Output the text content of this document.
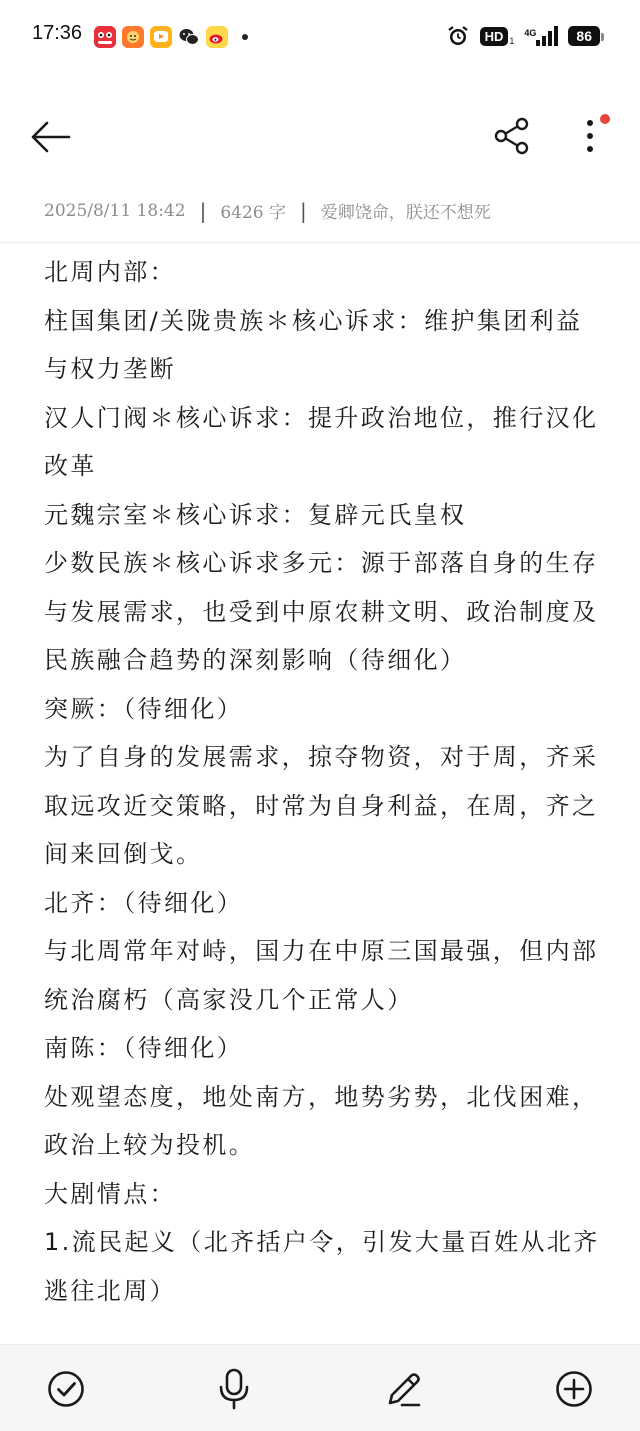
17:36	HD 1
4G	86
2025/8/11 18:42 | 6426 字 | 爱卿饶命，朕还不想死

北周内部：

柱国集团/关陇贵族＊核心诉求：维护集团利益与权力垄断

汉人门阀＊核心诉求：提升政治地位，推行汉化改革

元魏宗室＊核心诉求：复辟元氏皇权

少数民族＊核心诉求多元：源于部落自身的生存与发展需求，也受到中原农耕文明、政治制度及民族融合趋势的深刻影响（待细化）

突厥：（待细化）

为了自身的发展需求，掠夺物资，对于周，齐采取远攻近交策略，时常为自身利益，在周，齐之间来回倒戈。

北齐：（待细化）

与北周常年对峙，国力在中原三国最强，但内部统治腐朽（高家没几个正常人）

南陈：（待细化）

处观望态度，地处南方，地势劣势，北伐困难，政治上较为投机。

大剧情点：

1.流民起义（北齐括户令，引发大量百姓从北齐逃往北周）
